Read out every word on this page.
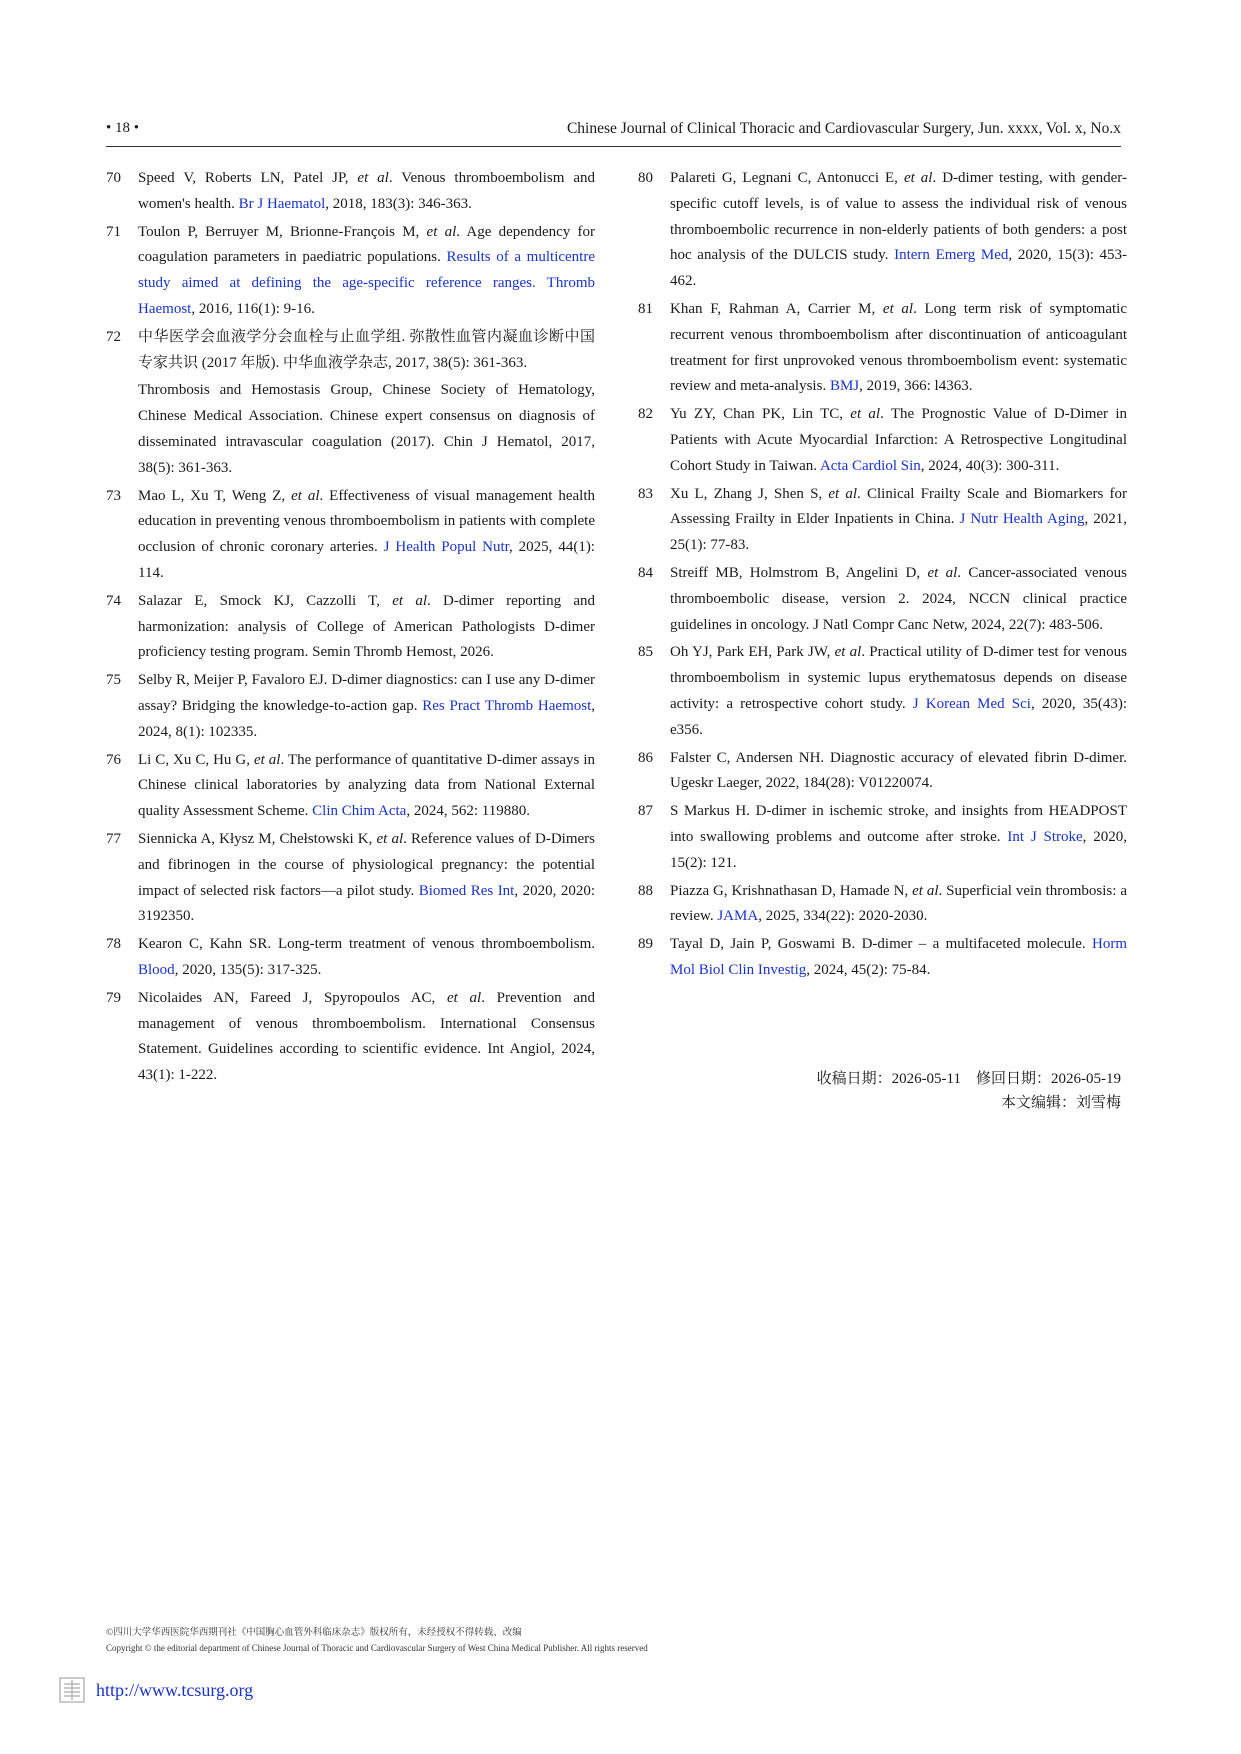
• 18 •	Chinese Journal of Clinical Thoracic and Cardiovascular Surgery, Jun. xxxx, Vol. x, No.x
70	Speed V, Roberts LN, Patel JP, et al. Venous thromboembolism and women's health. Br J Haematol, 2018, 183(3): 346-363.
71	Toulon P, Berruyer M, Brionne-François M, et al. Age dependency for coagulation parameters in paediatric populations. Results of a multicentre study aimed at defining the age-specific reference ranges. Thromb Haemost, 2016, 116(1): 9-16.
72	中华医学会血液学分会血栓与止血学组. 弥散性血管内凝血诊断中国专家共识 (2017 年版). 中华血液学杂志, 2017, 38(5): 361-363.
Thrombosis and Hemostasis Group, Chinese Society of Hematology, Chinese Medical Association. Chinese expert consensus on diagnosis of disseminated intravascular coagulation (2017). Chin J Hematol, 2017, 38(5): 361-363.
73	Mao L, Xu T, Weng Z, et al. Effectiveness of visual management health education in preventing venous thromboembolism in patients with complete occlusion of chronic coronary arteries. J Health Popul Nutr, 2025, 44(1): 114.
74	Salazar E, Smock KJ, Cazzolli T, et al. D-dimer reporting and harmonization: analysis of College of American Pathologists D-dimer proficiency testing program. Semin Thromb Hemost, 2026.
75	Selby R, Meijer P, Favaloro EJ. D-dimer diagnostics: can I use any D-dimer assay? Bridging the knowledge-to-action gap. Res Pract Thromb Haemost, 2024, 8(1): 102335.
76	Li C, Xu C, Hu G, et al. The performance of quantitative D-dimer assays in Chinese clinical laboratories by analyzing data from National External quality Assessment Scheme. Clin Chim Acta, 2024, 562: 119880.
77	Siennicka A, Kłysz M, Chełstowski K, et al. Reference values of D-Dimers and fibrinogen in the course of physiological pregnancy: the potential impact of selected risk factors—a pilot study. Biomed Res Int, 2020, 2020: 3192350.
78	Kearon C, Kahn SR. Long-term treatment of venous thromboembolism. Blood, 2020, 135(5): 317-325.
79	Nicolaides AN, Fareed J, Spyropoulos AC, et al. Prevention and management of venous thromboembolism. International Consensus Statement. Guidelines according to scientific evidence. Int Angiol, 2024, 43(1): 1-222.
80	Palareti G, Legnani C, Antonucci E, et al. D-dimer testing, with gender-specific cutoff levels, is of value to assess the individual risk of venous thromboembolic recurrence in non-elderly patients of both genders: a post hoc analysis of the DULCIS study. Intern Emerg Med, 2020, 15(3): 453-462.
81	Khan F, Rahman A, Carrier M, et al. Long term risk of symptomatic recurrent venous thromboembolism after discontinuation of anticoagulant treatment for first unprovoked venous thromboembolism event: systematic review and meta-analysis. BMJ, 2019, 366: l4363.
82	Yu ZY, Chan PK, Lin TC, et al. The Prognostic Value of D-Dimer in Patients with Acute Myocardial Infarction: A Retrospective Longitudinal Cohort Study in Taiwan. Acta Cardiol Sin, 2024, 40(3): 300-311.
83	Xu L, Zhang J, Shen S, et al. Clinical Frailty Scale and Biomarkers for Assessing Frailty in Elder Inpatients in China. J Nutr Health Aging, 2021, 25(1): 77-83.
84	Streiff MB, Holmstrom B, Angelini D, et al. Cancer-associated venous thromboembolic disease, version 2. 2024, NCCN clinical practice guidelines in oncology. J Natl Compr Canc Netw, 2024, 22(7): 483-506.
85	Oh YJ, Park EH, Park JW, et al. Practical utility of D-dimer test for venous thromboembolism in systemic lupus erythematosus depends on disease activity: a retrospective cohort study. J Korean Med Sci, 2020, 35(43): e356.
86	Falster C, Andersen NH. Diagnostic accuracy of elevated fibrin D-dimer. Ugeskr Laeger, 2022, 184(28): V01220074.
87	S Markus H. D-dimer in ischemic stroke, and insights from HEADPOST into swallowing problems and outcome after stroke. Int J Stroke, 2020, 15(2): 121.
88	Piazza G, Krishnathasan D, Hamade N, et al. Superficial vein thrombosis: a review. JAMA, 2025, 334(22): 2020-2030.
89	Tayal D, Jain P, Goswami B. D-dimer – a multifaceted molecule. Horm Mol Biol Clin Investig, 2024, 45(2): 75-84.
收稿日期：2026-05-11　修回日期：2026-05-19
本文编辑：刘雪梅
©四川大学华西医院华西期刊社《中国胸心血管外科临床杂志》版权所有，未经授权不得转载、改编
Copyright © the editorial department of Chinese Journal of Thoracic and Cardiovascular Surgery of West China Medical Publisher. All rights reserved
http://www.tcsurg.org
